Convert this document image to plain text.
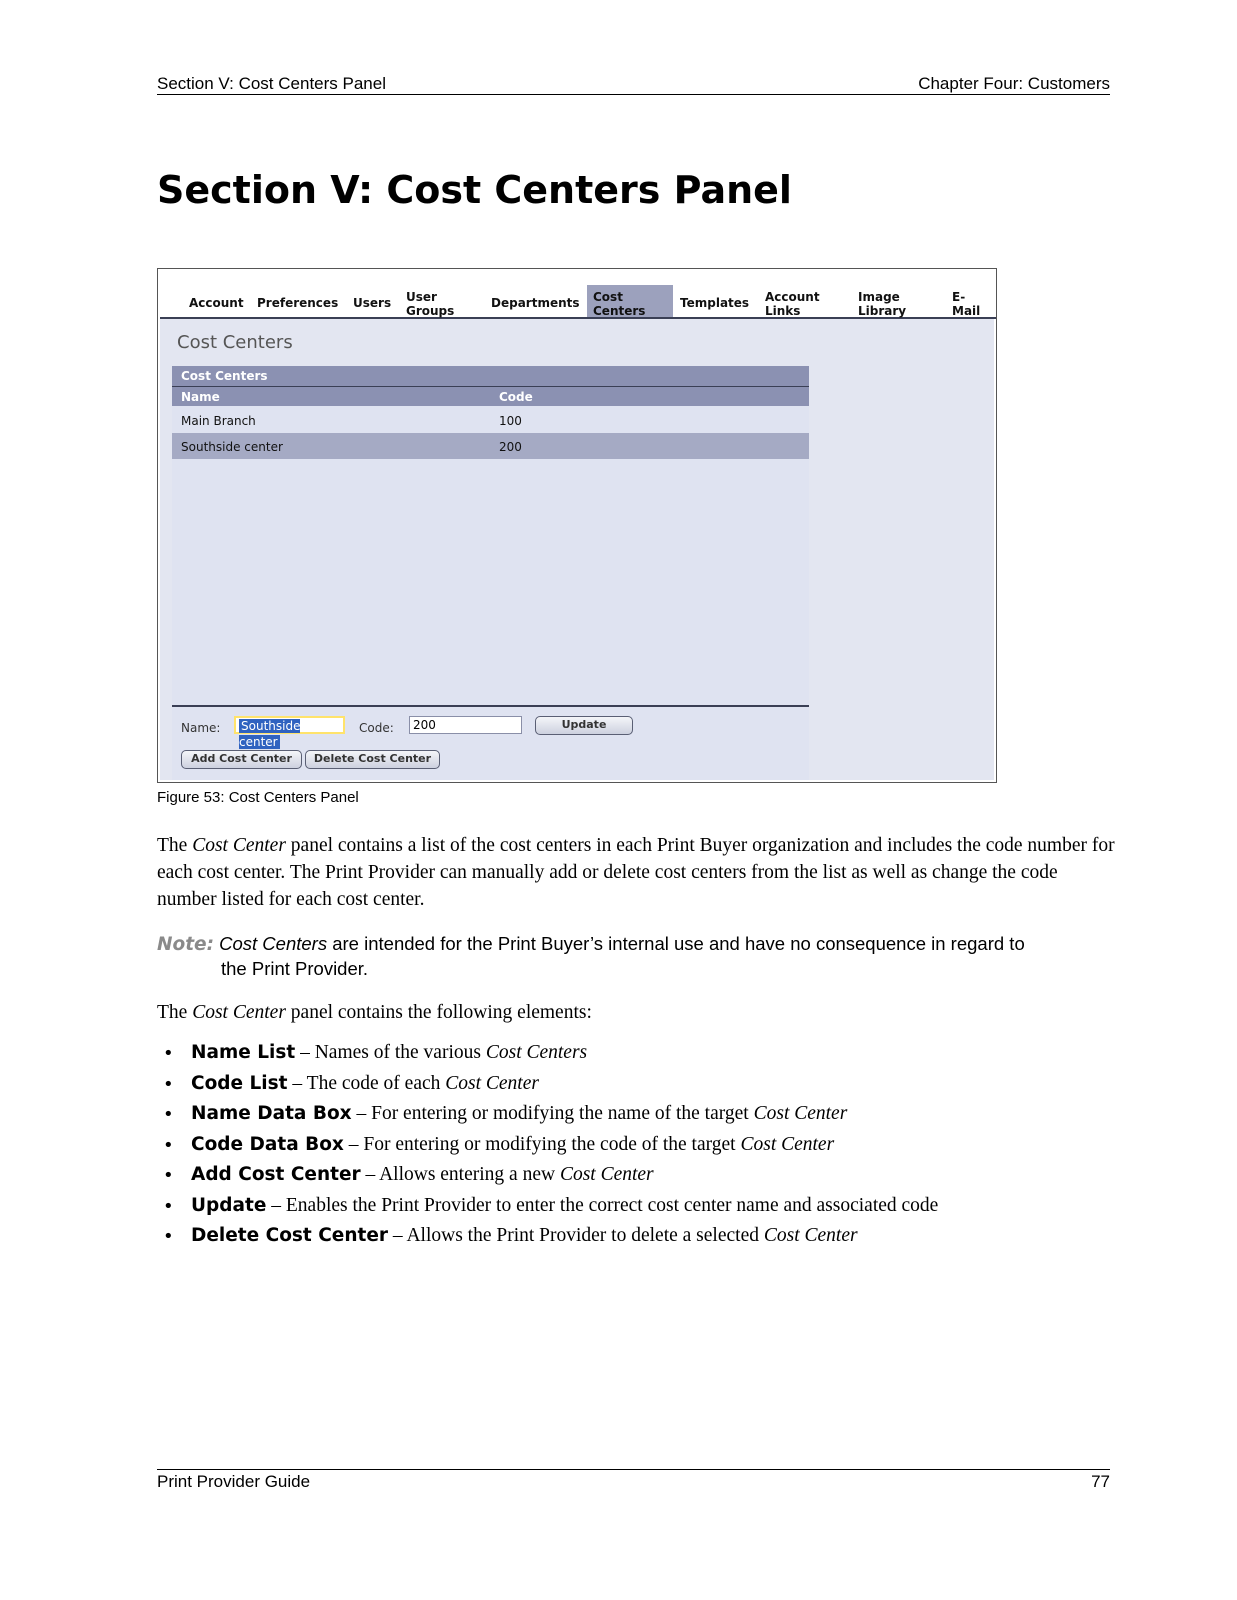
Section V: Cost Centers Panel	Chapter Four: Customers
Section V: Cost Centers Panel
Account Preferences Users User
Groups
Departments	Cost
Centers
Templates Account
Links
Image
Library
E-
Mail
Cost Centers
Cost Centers
Name	Code
Main Branch	100
Southside center	200
Name:	Southside center
Code:	200	Update
Add Cost Center	Delete Cost Center
Figure 53: Cost Centers Panel

The Cost Center panel contains a list of the cost centers in each Print Buyer organization and includes the code number for each cost center. The Print Provider can manually add or delete cost centers from the list as well as change the code number listed for each cost center.

Note: Cost Centers are intended for the Print Buyer’s internal use and have no consequence in regard to
the Print Provider.

The Cost Center panel contains the following elements:

• Name List – Names of the various Cost Centers
• Code List – The code of each Cost Center
• Name Data Box – For entering or modifying the name of the target Cost Center
• Code Data Box – For entering or modifying the code of the target Cost Center
• Add Cost Center – Allows entering a new Cost Center
• Update – Enables the Print Provider to enter the correct cost center name and associated code
• Delete Cost Center – Allows the Print Provider to delete a selected Cost Center
Print Provider Guide	77
